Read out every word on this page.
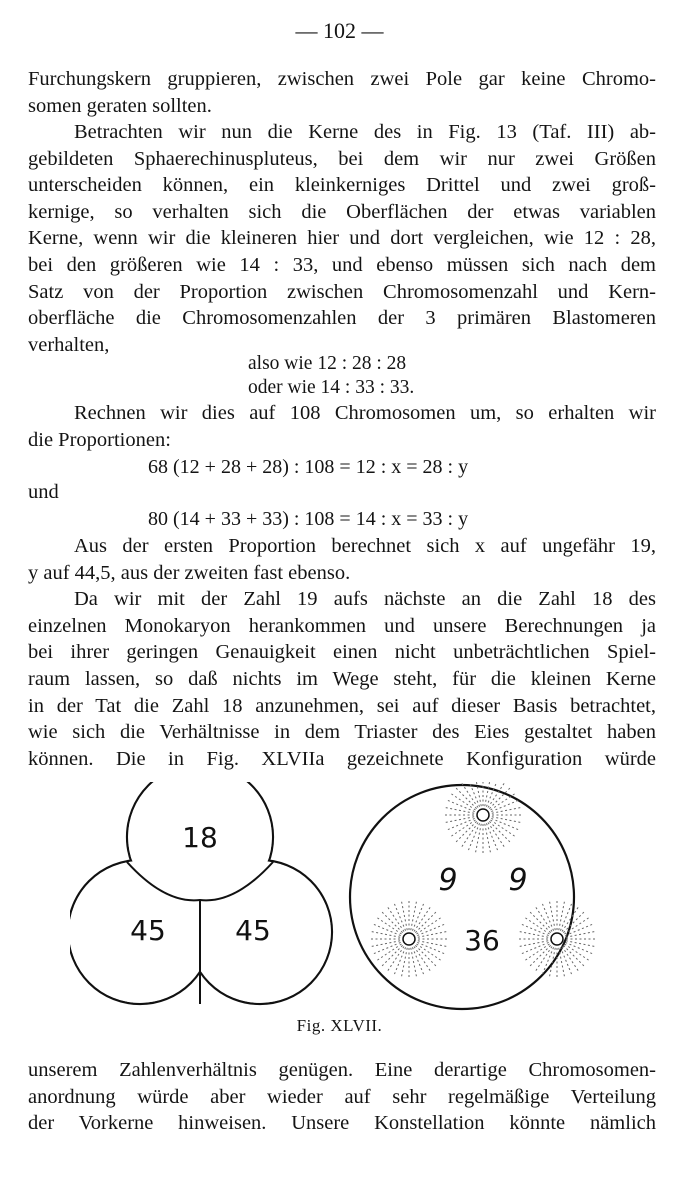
— 102 —
Furchungskern gruppieren, zwischen zwei Pole gar keine Chromo-
somen geraten sollten.
Betrachten wir nun die Kerne des in Fig. 13 (Taf. III) ab-
gebildeten Sphaerechinuspluteus, bei dem wir nur zwei Größen
unterscheiden können, ein kleinkerniges Drittel und zwei groß-
kernige, so verhalten sich die Oberflächen der etwas variablen
Kerne, wenn wir die kleineren hier und dort vergleichen, wie 12 : 28,
bei den größeren wie 14 : 33, und ebenso müssen sich nach dem
Satz von der Proportion zwischen Chromosomenzahl und Kern-
oberfläche die Chromosomenzahlen der 3 primären Blastomeren
verhalten,
also wie 12 : 28 : 28
oder wie 14 : 33 : 33.
Rechnen wir dies auf 108 Chromosomen um, so erhalten wir
die Proportionen:
68 (12 + 28 + 28) : 108 = 12 : x = 28 : y
und
80 (14 + 33 + 33) : 108 = 14 : x = 33 : y
Aus der ersten Proportion berechnet sich x auf ungefähr 19,
y auf 44,5, aus der zweiten fast ebenso.
Da wir mit der Zahl 19 aufs nächste an die Zahl 18 des
einzelnen Monokaryon herankommen und unsere Berechnungen ja
bei ihrer geringen Genauigkeit einen nicht unbeträchtlichen Spiel-
raum lassen, so daß nichts im Wege steht, für die kleinen Kerne
in der Tat die Zahl 18 anzunehmen, sei auf dieser Basis betrachtet,
wie sich die Verhältnisse in dem Triaster des Eies gestaltet haben
können. Die in Fig. XLVIIa gezeichnete Konfiguration würde
18
45 45
9 9
36
Fig. XLVII.
unserem Zahlenverhältnis genügen. Eine derartige Chromosomen-
anordnung würde aber wieder auf sehr regelmäßige Verteilung
der Vorkerne hinweisen. Unsere Konstellation könnte nämlich
